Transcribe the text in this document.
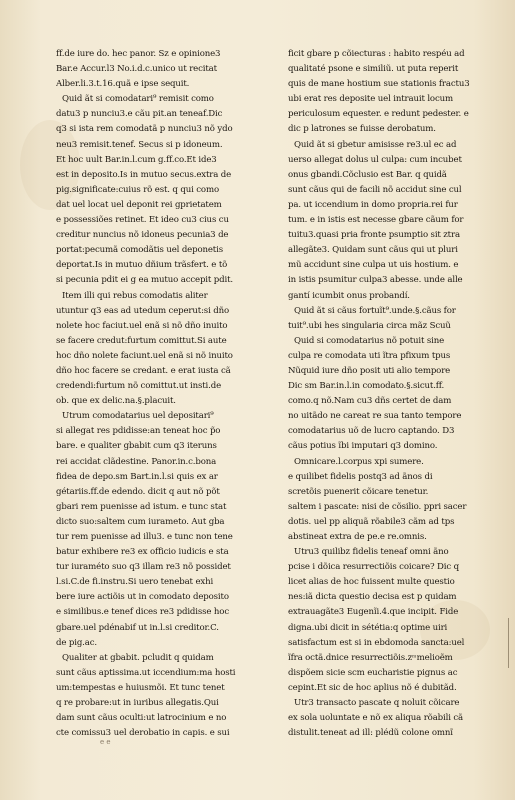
ff.de iure do. hec panor. Sz e opinione3
Bar.e Accur.l3 No.i.d.c.unico ut recitat
Alber.li.3.t.16.quã e ipse sequit.
Quid ãt si comodatari⁹ remisit como
datu3 p nunciu3.e cãu pit.an teneaf.Dic
q3 si ista rem comodatã p nunciu3 nõ ydo
neu3 remisit.tenef. Secus si p idoneum.
Et hoc uult Bar.in.l.cum g.ff.co.Et ide3
est in deposito.Is in mutuo secus.extra de
pig.significate:cuius rõ est. q qui como
dat uel locat uel deponit rei gprietatem
e possessiões retinet. Et ideo cu3 cius cu
creditur nuncius nõ idoneus pecunia3 de
portat:pecumã comodãtis uel deponetis
deportat.Is in mutuo dñium trãsfert. e tõ
si pecunia pdit ei g ea mutuo accepit pdit.
Item illi qui rebus comodatis aliter
utuntur q3 eas ad utedum ceperut:si dño
nolete hoc faciut.uel enã si nõ dño inuito
se facere credut:furtum comittut.Si aute
hoc dño nolete faciunt.uel enã si nõ inuito
dño hoc facere se credant. e erat iusta cã
credendi:furtum nõ comittut.ut insti.de
ob. que ex delic.na.§.placuit.
Utrum comodatarius uel depositari⁹
si allegat res pdidisse:an teneat hoc p̃o
bare. e qualiter gbabit cum q3 iteruns
rei accidat clãdestine. Panor.in.c.bona
fidea de depo.sm Bart.in.l.si quis ex ar
gétariis.ff.de edendo. dicit q aut nõ põt
gbari rem puenisse ad istum. e tunc stat
dicto suo:saltem cum iurameto. Aut gba
tur rem puenisse ad illu3. e tunc non tene
batur exhibere re3 ex officio iudicis e sta
tur iuraméto suo q3 illam re3 nõ possidet
l.si.C.de fi.instru.Si uero tenebat exhi
bere iure actiõis ut in comodato deposito
e similibus.e tenef dices re3 pdidisse hoc
gbare.uel pdénabif ut in.l.si creditor.C.
de pig.ac.
Qualiter at gbabit. pcludit q quidam
sunt cãus aptissima.ut iccendium:ma hosti
um:tempestas e huiusmõi. Et tunc tenet
q re probare:ut in iuribus allegatis.Qui
dam sunt cãus oculti:ut latrocinium e no
cte comissu3 uel derobatio in capis. e sui
ficit gbare p cõiecturas : habito respéu ad
qualitaté psone e similiũ. ut puta reperit
quis de mane hostium sue stationis fractu3
ubi erat res deposite uel intrauit locum
periculosum equester. e redunt pedester. e
dic p latrones se fuisse derobatum.
Quid ãt si gbetur amisisse re3.ul ec ad
uerso allegat dolus ul culpa: cum incubet
onus gbandi.Cõclusio est Bar. q quidã
sunt cãus qui de facili nõ accidut sine cul
pa. ut iccendium in domo propria.rei fur
tum. e in istis est necesse gbare cãum for
tuitu3.quasi pria fronte psumptio sit ztra
allegãte3. Quidam sunt cãus qui ut pluri
mũ accidunt sine culpa ut uis hostium. e
in istis psumitur culpa3 abesse. unde alle
gantí icumbit onus probandí.
Quid ãt si cãus fortuĩt⁹.unde.§.cãus for
tuit⁹.ubi hes singularia circa mãz Scuũ
Quid si comodatarius nõ potuit sine
culpa re comodata uti ĩtra pfixum tpus
Nũquid iure dño posit uti alio tempore
Dic sm Bar.in.l.in comodato.§.sicut.ff.
como.q nõ.Nam cu3 dñs certet de dam
no uitãdo ne careat re sua tanto tempore
comodatarius uõ de lucro captando. D3
cãus potius ĩbi imputari q3 domino.
Omnicare.l.corpus xpi sumere.
e quilibet fidelis postq3 ad ãnos di
scretõis puenerit cõicare tenetur.
saltem i pascate: nisi de cõsilio. ppri sacer
dotis. uel pp aliquã rõabile3 cãm ad tps
abstineat extra de pe.e re.omnis.
Utru3 quilibz fidelis teneaf omni ãno
pcise i dõica resurrectiõis coicare? Dic q
licet alias de hoc fuissent multe questio
nes:iã dicta questio decisa est p quidam
extrauagãte3 Eugenĩi.4.que incipit. Fide
digna.ubi dicit in sététia:q optime uiri
satisfactum est si in ebdomoda sancta:uel
ĩfra octã.dnice resurrectiõis.z ͫ melioẽm
dispõem sicie scm eucharistie pignus ac
cepint.Et sic de hoc aplius nõ é dubitãd.
Utr3 transacto pascate q noluit cõicare
ex sola uoluntate e nõ ex aliqua rõabili cã
distulit.teneat ad ill: plédũ colone omnĩ
e e
